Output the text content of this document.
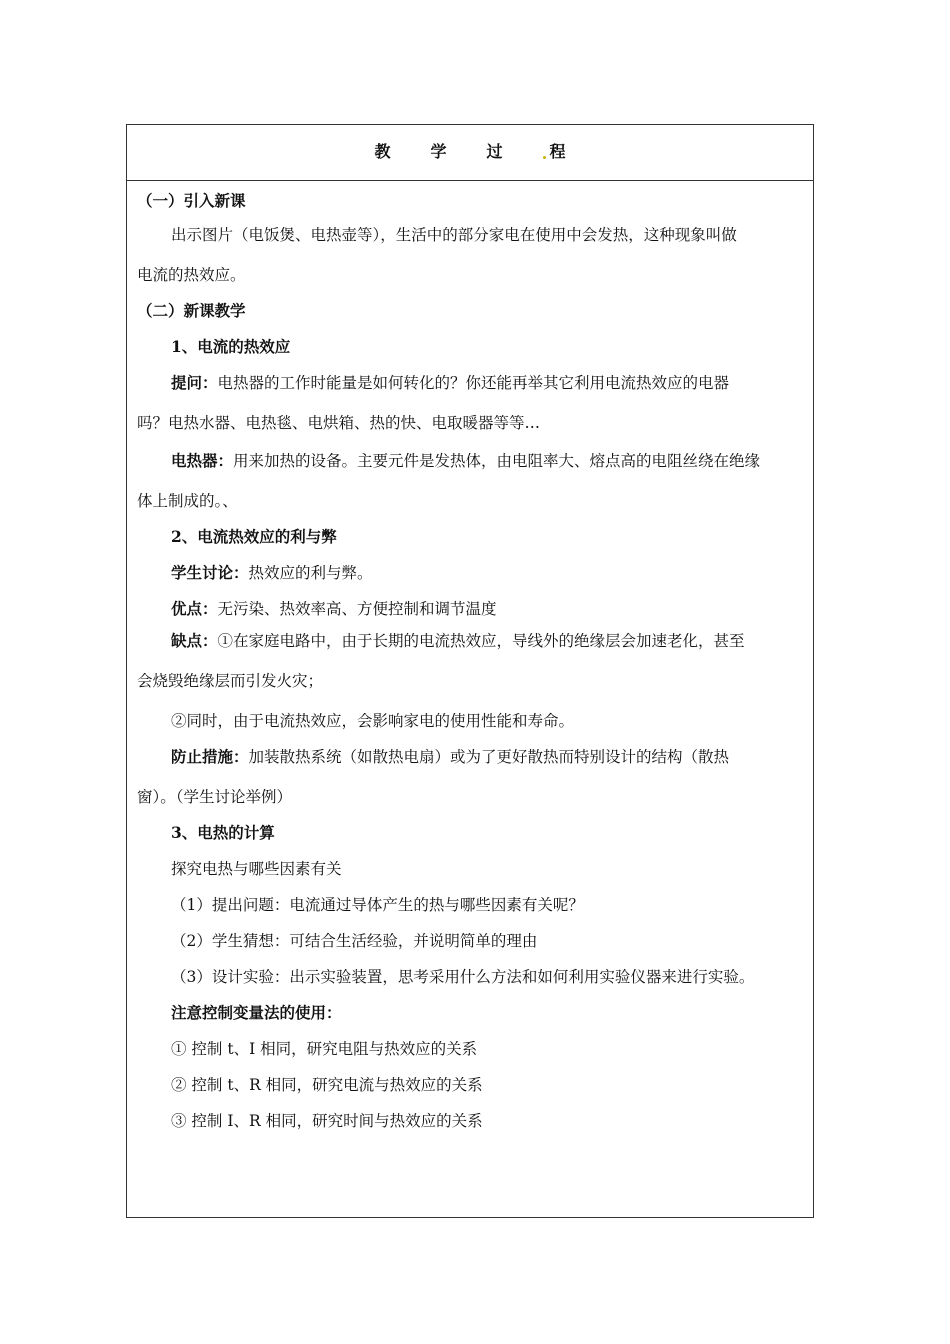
教	学	过	程
（一）引入新课
出示图片（电饭煲、电热壶等），生活中的部分家电在使用中会发热，这种现象叫做
电流的热效应。
（二）新课教学
1、电流的热效应
提问：电热器的工作时能量是如何转化的？你还能再举其它利用电流热效应的电器
吗？电热水器、电热毯、电烘箱、热的快、电取暖器等等…
电热器：用来加热的设备。主要元件是发热体，由电阻率大、熔点高的电阻丝绕在绝缘
体上制成的。、
2、电流热效应的利与弊
学生讨论：热效应的利与弊。
优点：无污染、热效率高、方便控制和调节温度
缺点：①在家庭电路中，由于长期的电流热效应，导线外的绝缘层会加速老化，甚至
会烧毁绝缘层而引发火灾；
②同时，由于电流热效应，会影响家电的使用性能和寿命。
防止措施：加装散热系统（如散热电扇）或为了更好散热而特别设计的结构（散热
窗）。（学生讨论举例）
3、电热的计算
探究电热与哪些因素有关
（1）提出问题：电流通过导体产生的热与哪些因素有关呢？
（2）学生猜想：可结合生活经验，并说明简单的理由
（3）设计实验：出示实验装置，思考采用什么方法和如何利用实验仪器来进行实验。
注意控制变量法的使用：
① 控制 t、I 相同，研究电阻与热效应的关系
② 控制 t、R 相同，研究电流与热效应的关系
③ 控制 I、R 相同，研究时间与热效应的关系
